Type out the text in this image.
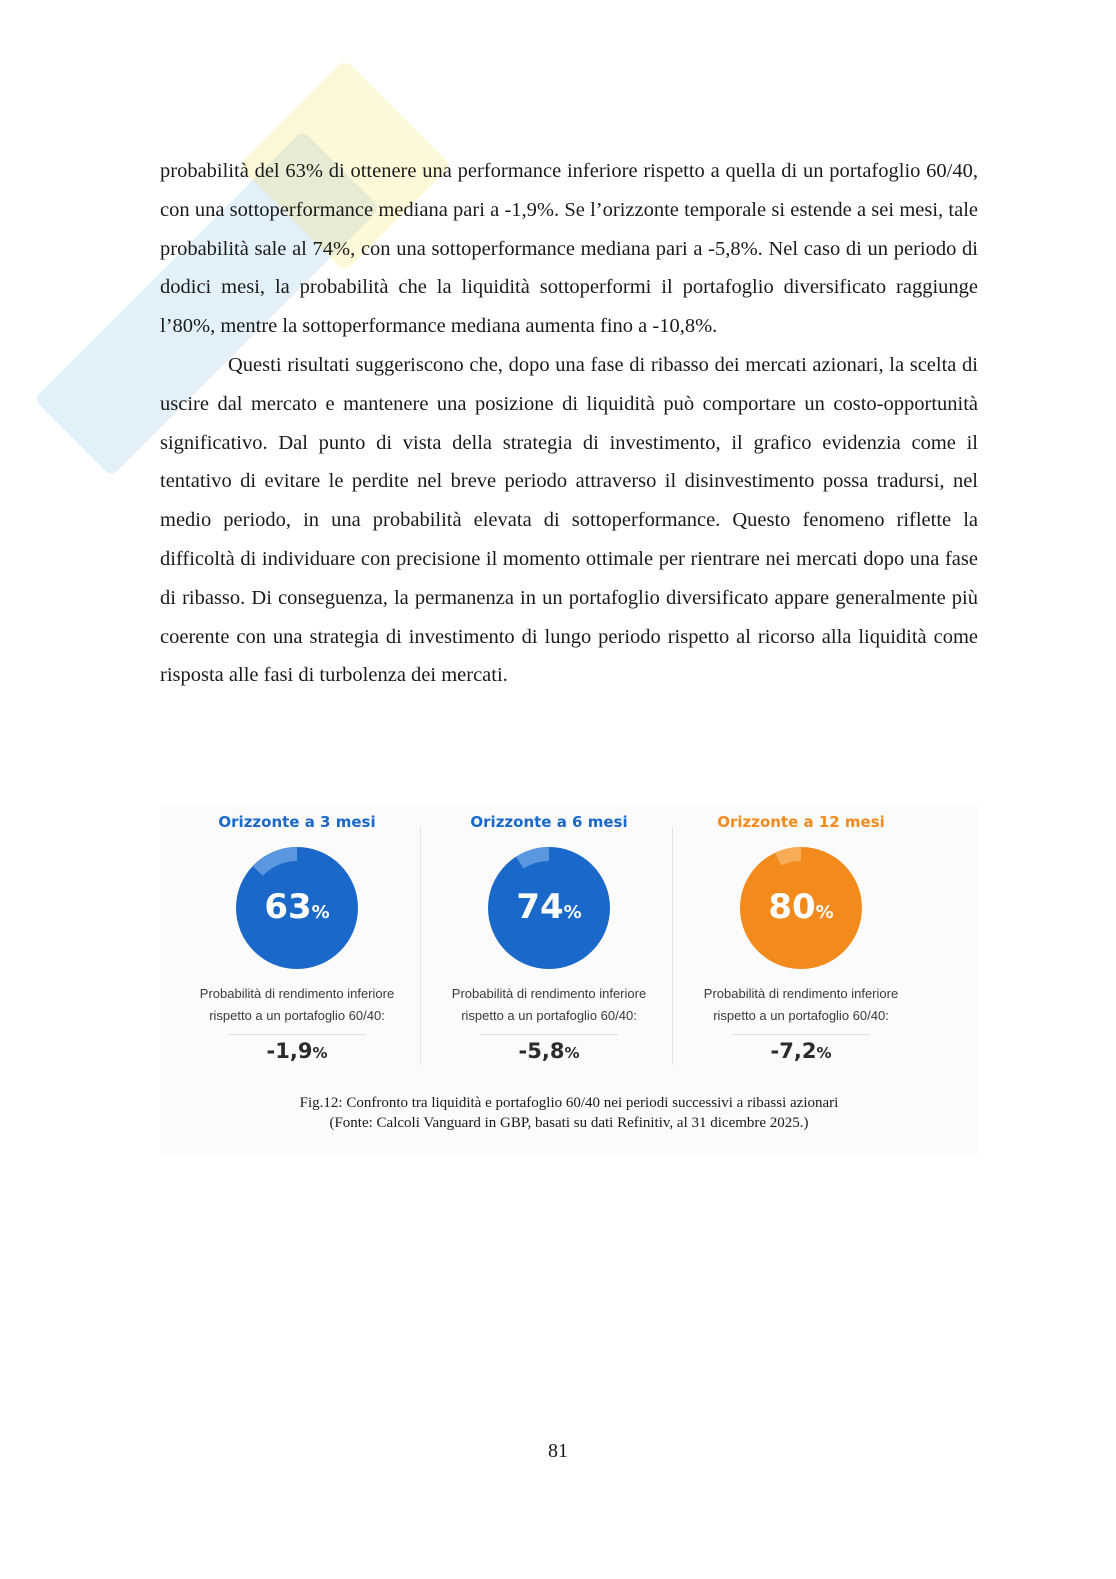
probabilità del 63% di ottenere una performance inferiore rispetto a quella di un portafoglio 60/40, con una sottoperformance mediana pari a -1,9%. Se l’orizzonte temporale si estende a sei mesi, tale probabilità sale al 74%, con una sottoperformance mediana pari a -5,8%. Nel caso di un periodo di dodici mesi, la probabilità che la liquidità sottoperformi il portafoglio diversificato raggiunge l’80%, mentre la sottoperformance mediana aumenta fino a -10,8%.

Questi risultati suggeriscono che, dopo una fase di ribasso dei mercati azionari, la scelta di uscire dal mercato e mantenere una posizione di liquidità può comportare un costo-opportunità significativo. Dal punto di vista della strategia di investimento, il grafico evidenzia come il tentativo di evitare le perdite nel breve periodo attraverso il disinvestimento possa tradursi, nel medio periodo, in una probabilità elevata di sottoperformance. Questo fenomeno riflette la difficoltà di individuare con precisione il momento ottimale per rientrare nei mercati dopo una fase di ribasso. Di conseguenza, la permanenza in un portafoglio diversificato appare generalmente più coerente con una strategia di investimento di lungo periodo rispetto al ricorso alla liquidità come risposta alle fasi di turbolenza dei mercati.

Orizzonte a 3 mesi
63%
Probabilità di rendimento inferiore
rispetto a un portafoglio 60/40:
-1,9%
Orizzonte a 6 mesi
74%
Probabilità di rendimento inferiore
rispetto a un portafoglio 60/40:
-5,8%
Orizzonte a 12 mesi
80%
Probabilità di rendimento inferiore
rispetto a un portafoglio 60/40:
-7,2%
Fig.12: Confronto tra liquidità e portafoglio 60/40 nei periodi successivi a ribassi azionari
(Fonte: Calcoli Vanguard in GBP, basati su dati Refinitiv, al 31 dicembre 2025.)
81
